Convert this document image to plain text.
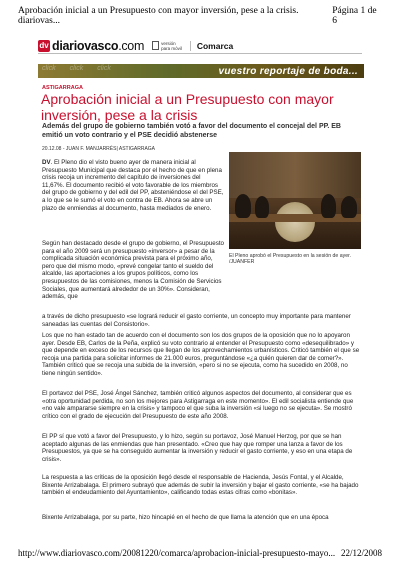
Aprobación inicial a un Presupuesto con mayor inversión, pese a la crisis. diariovas...
Página 1 de 6
dv diariovasco.com	versión
para móvil	Comarca
click click click	vuestro reportaje de boda...
ASTIGARRAGA
Aprobación inicial a un Presupuesto con mayor inversión, pese a la crisis
Además del grupo de gobierno también votó a favor del documento el concejal del PP. EB emitió un voto contrario y el PSE decidió abstenerse
20.12.08 - JUAN F. MANJARRÉS| ASTIGARRAGA

DV. El Pleno dio el visto bueno ayer de manera inicial al Presupuesto Municipal que destaca por el hecho de que en plena crisis recoja un incremento del capítulo de inversiones del 11,67%. El documento recibió el voto favorable de los miembros del grupo de gobierno y del edil del PP, absteniéndose el del PSE, a lo que se le sumó el voto en contra de EB. Ahora se abre un plazo de enmiendas al documento, hasta mediados de enero.

Según han destacado desde el grupo de gobierno, el Presupuesto para el año 2009 será un presupuesto «inversor» a pesar de la complicada situación económica prevista para el próximo año, pero que del mismo modo, «prevé congelar tanto el sueldo del alcalde, las aportaciones a los grupos políticos, como los presupuestos de las comisiones, menos la Comisión de Servicios Sociales, que aumentará alrededor de un 30%». Consideran, además, que

a través de dicho presupuesto «se logrará reducir el gasto corriente, un concepto muy importante para mantener saneadas las cuentas del Consistorio».

El Pleno aprobó el Presupuesto en la sesión de ayer. /JUANFER

Los que no han estado tan de acuerdo con el documento son los dos grupos de la oposición que no lo apoyaron ayer. Desde EB, Carlos de la Peña, explicó su voto contrario al entender el Presupuesto como «desequilibrado» y que depende en exceso de los recursos que llegan de los aprovechamientos urbanísticos. Criticó también el que se recoja una partida para solicitar informes de 21.000 euros, preguntándose «¿a quién quieren dar de comer?». También criticó que se recoja una subida de la inversión, «pero si no se ejecuta, como ha sucedido en 2008, no tiene ningún sentido».

El portavoz del PSE, José Ángel Sánchez, también criticó algunos aspectos del documento, al considerar que es «otra oportunidad perdida, no son los mejores para Astigarraga en este momento». El edil socialista entiende que «no vale ampararse siempre en la crisis» y tampoco el que suba la inversión «si luego no se ejecuta». Se mostró crítico con el grado de ejecución del Presupuesto de este año 2008.

El PP sí que votó a favor del Presupuesto, y lo hizo, según su portavoz, José Manuel Herzog, por que se han aceptado algunas de las enmiendas que han presentado. «Creo que hay que romper una lanza a favor de los Presupuestos, ya que se ha conseguido aumentar la inversión y reducir el gasto corriente, y eso en una etapa de crisis».

La respuesta a las críticas de la oposición llegó desde el responsable de Hacienda, Jesús Fontal, y el Alcalde, Bixente Arrizabalaga. El primero subrayó que además de subir la inversión y bajar el gasto corriente, «se ha bajado también el endeudamiento del Ayuntamiento», calificando todas estas cifras como «bonitas».

Bixente Arrizabalaga, por su parte, hizo hincapié en el hecho de que llama la atención que en una época

http://www.diariovasco.com/20081220/comarca/aprobacion-inicial-presupuesto-mayo... 22/12/2008
